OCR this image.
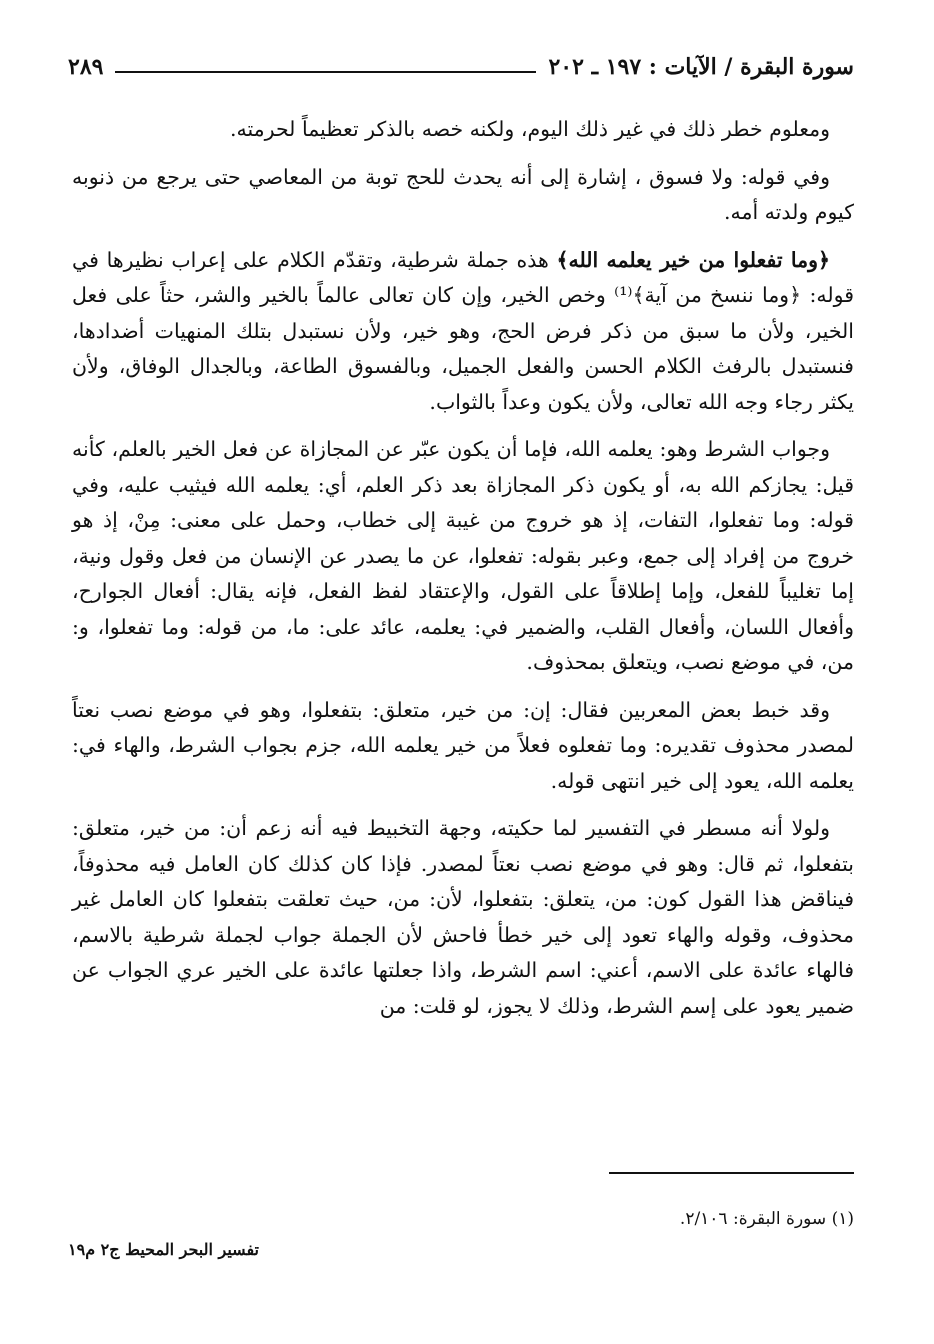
سورة البقرة / الآيات : ١٩٧ ـ ٢٠٢
٢٨٩

ومعلوم خطر ذلك في غير ذلك اليوم، ولكنه خصه بالذكر تعظيماً لحرمته.

وفي قوله: ولا فسوق ، إشارة إلى أنه يحدث للحج توبة من المعاصي حتى يرجع من ذنوبه كيوم ولدته أمه.

﴿وما تفعلوا من خير يعلمه الله﴾ هذه جملة شرطية، وتقدّم الكلام على إعراب نظيرها في قوله: ﴿وما ننسخ من آية﴾⁽¹⁾ وخص الخير، وإن كان تعالى عالماً بالخير والشر، حثاً على فعل الخير، ولأن ما سبق من ذكر فرض الحج، وهو خير، ولأن نستبدل بتلك المنهيات أضدادها، فنستبدل بالرفث الكلام الحسن والفعل الجميل، وبالفسوق الطاعة، وبالجدال الوفاق، ولأن يكثر رجاء وجه الله تعالى، ولأن يكون وعداً بالثواب.

وجواب الشرط وهو: يعلمه الله، فإما أن يكون عبّر عن المجازاة عن فعل الخير بالعلم، كأنه قيل: يجازكم الله به، أو يكون ذكر المجازاة بعد ذكر العلم، أي: يعلمه الله فيثيب عليه، وفي قوله: وما تفعلوا، التفات، إذ هو خروج من غيبة إلى خطاب، وحمل على معنى: مِنْ، إذ هو خروج من إفراد إلى جمع، وعبر بقوله: تفعلوا، عن ما يصدر عن الإنسان من فعل وقول ونية، إما تغليباً للفعل، وإما إطلاقاً على القول، والإعتقاد لفظ الفعل، فإنه يقال: أفعال الجوارح، وأفعال اللسان، وأفعال القلب، والضمير في: يعلمه، عائد على: ما، من قوله: وما تفعلوا، و: من، في موضع نصب، ويتعلق بمحذوف.

وقد خبط بعض المعربين فقال: إن: من خير، متعلق: بتفعلوا، وهو في موضع نصب نعتاً لمصدر محذوف تقديره: وما تفعلوه فعلاً من خير يعلمه الله، جزم بجواب الشرط، والهاء في: يعلمه الله، يعود إلى خير انتهى قوله.

ولولا أنه مسطر في التفسير لما حكيته، وجهة التخبيط فيه أنه زعم أن: من خير، متعلق: بتفعلوا، ثم قال: وهو في موضع نصب نعتاً لمصدر. فإذا كان كذلك كان العامل فيه محذوفاً، فيناقض هذا القول كون: من، يتعلق: بتفعلوا، لأن: من، حيث تعلقت بتفعلوا كان العامل غير محذوف، وقوله والهاء تعود إلى خير خطأ فاحش لأن الجملة جواب لجملة شرطية بالاسم، فالهاء عائدة على الاسم، أعني: اسم الشرط، واذا جعلتها عائدة على الخير عري الجواب عن ضمير يعود على إسم الشرط، وذلك لا يجوز، لو قلت: من

(١) سورة البقرة: ٢/١٠٦.
تفسير البحر المحيط ج٢ م١٩
